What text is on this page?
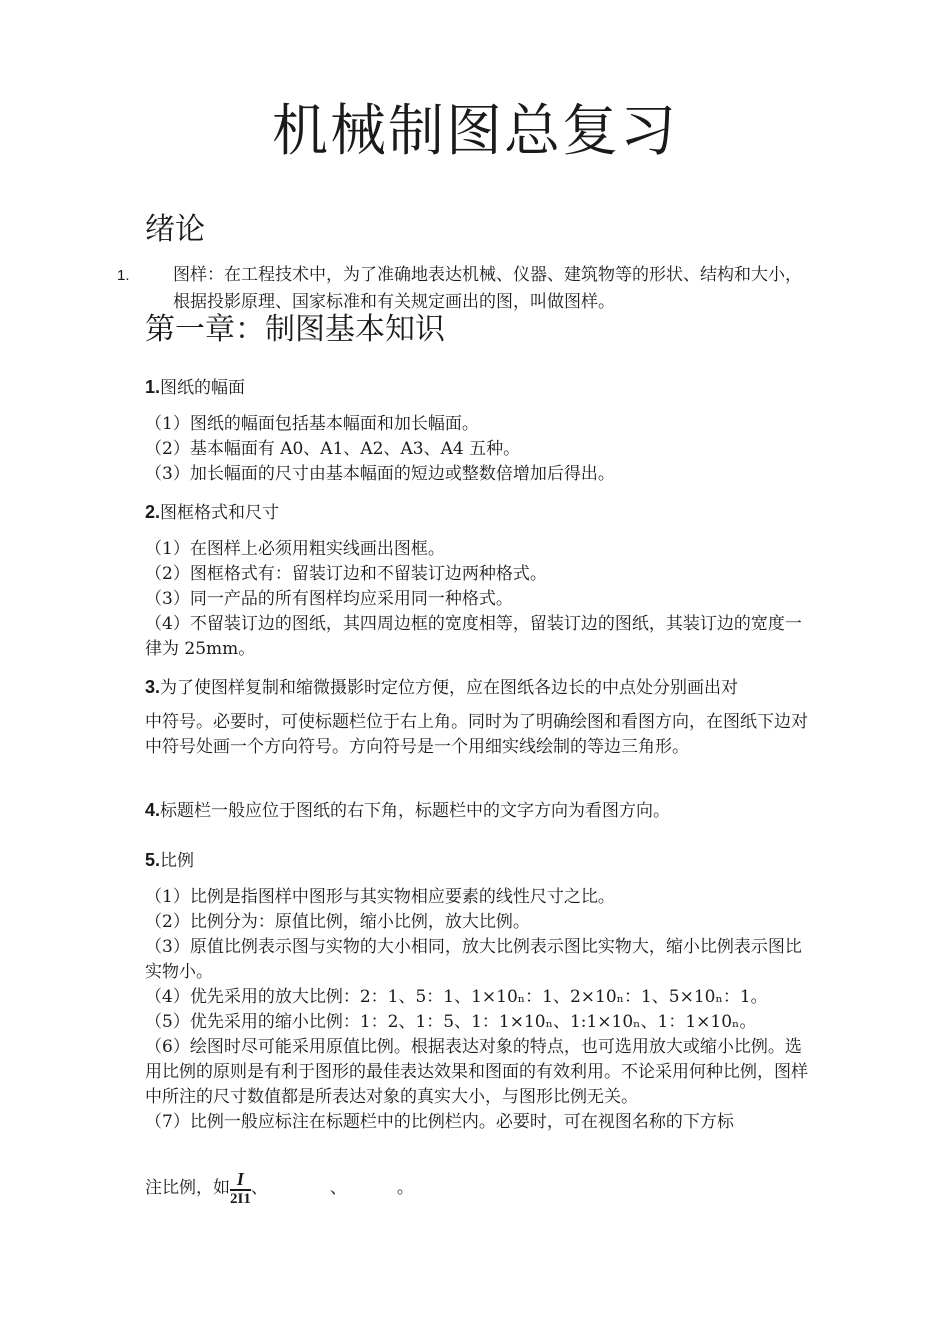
机械制图总复习
绪论
1.	图样：在工程技术中，为了准确地表达机械、仪器、建筑物等的形状、结构和大小，根据投影原理、国家标准和有关规定画出的图，叫做图样。
第一章：制图基本知识
1.图纸的幅面
（1）图纸的幅面包括基本幅面和加长幅面。
（2）基本幅面有 A0、A1、A2、A3、A4 五种。
（3）加长幅面的尺寸由基本幅面的短边或整数倍增加后得出。
2.图框格式和尺寸
（1）在图样上必须用粗实线画出图框。
（2）图框格式有：留装订边和不留装订边两种格式。
（3）同一产品的所有图样均应采用同一种格式。
（4）不留装订边的图纸，其四周边框的宽度相等，留装订边的图纸，其装订边的宽度一律为 25mm。
3.为了使图样复制和缩微摄影时定位方便，应在图纸各边长的中点处分别画出对
中符号。必要时，可使标题栏位于右上角。同时为了明确绘图和看图方向，在图纸下边对中符号处画一个方向符号。方向符号是一个用细实线绘制的等边三角形。
4.标题栏一般应位于图纸的右下角，标题栏中的文字方向为看图方向。
5.比例
（1）比例是指图样中图形与其实物相应要素的线性尺寸之比。
（2）比例分为：原值比例，缩小比例，放大比例。
（3）原值比例表示图与实物的大小相同，放大比例表示图比实物大，缩小比例表示图比实物小。
（4）优先采用的放大比例：2：1、5：1、1×10ₙ：1、2×10ₙ：1、5×10ₙ：1。
（5）优先采用的缩小比例：1：2、1：5、1：1×10ₙ、1:1×10ₙ、1：1×10ₙ。
（6）绘图时尽可能采用原值比例。根据表达对象的特点，也可选用放大或缩小比例。选用比例的原则是有利于图形的最佳表达效果和图面的有效利用。不论采用何种比例，图样中所注的尺寸数值都是所表达对象的真实大小，与图形比例无关。
（7）比例一般应标注在标题栏中的比例栏内。必要时，可在视图名称的下方标
注比例，如 $\frac{I}{2I1}$ 、	、	。
